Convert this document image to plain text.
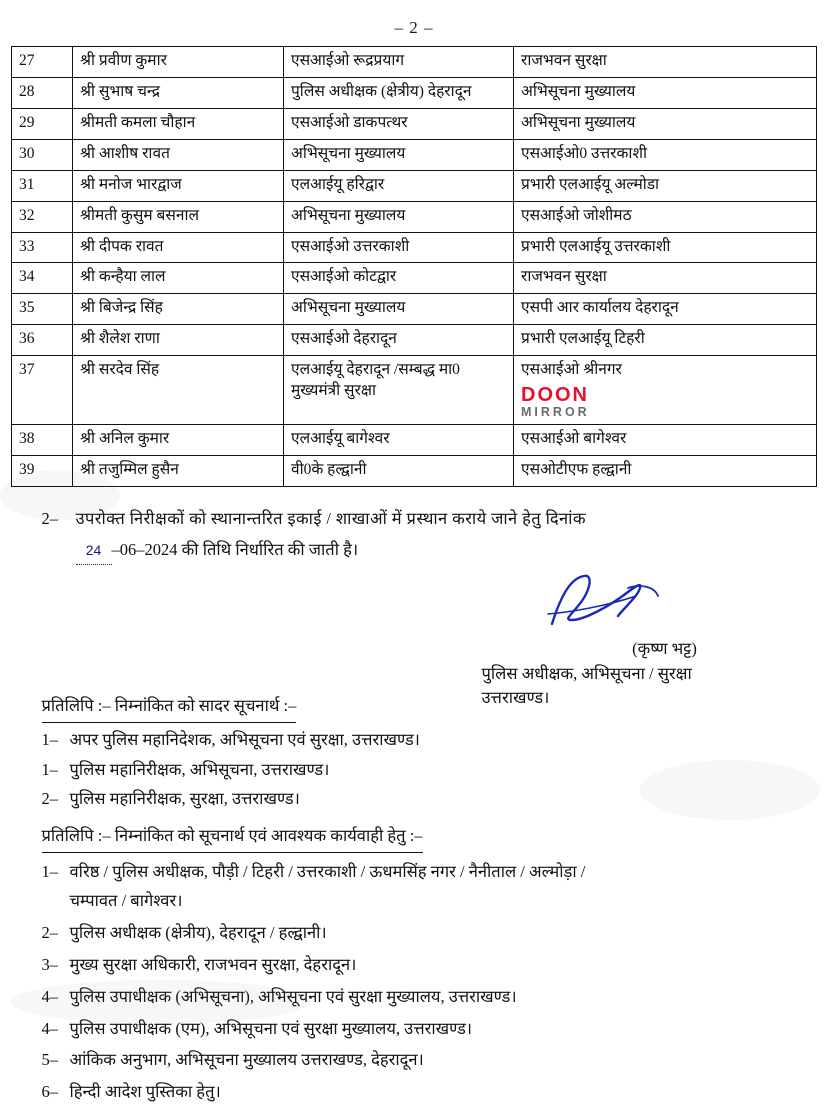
– 2 –
27	श्री प्रवीण कुमार	एसआईओ रूद्रप्रयाग	राजभवन सुरक्षा
28	श्री सुभाष चन्द्र	पुलिस अधीक्षक (क्षेत्रीय) देहरादून	अभिसूचना मुख्यालय
29	श्रीमती कमला चौहान	एसआईओ डाकपत्थर	अभिसूचना मुख्यालय
30	श्री आशीष रावत	अभिसूचना मुख्यालय	एसआईओ0 उत्तरकाशी
31	श्री मनोज भारद्वाज	एलआईयू हरिद्वार	प्रभारी एलआईयू अल्मोडा
32	श्रीमती कुसुम बसनाल	अभिसूचना मुख्यालय	एसआईओ जोशीमठ
33	श्री दीपक रावत	एसआईओ उत्तरकाशी	प्रभारी एलआईयू उत्तरकाशी
34	श्री कन्हैया लाल	एसआईओ कोटद्वार	राजभवन सुरक्षा
35	श्री बिजेन्द्र सिंह	अभिसूचना मुख्यालय	एसपी आर कार्यालय देहरादून
36	श्री शैलेश राणा	एसआईओ देहरादून	प्रभारी एलआईयू टिहरी
37	श्री सरदेव सिंह	एलआईयू देहरादून /सम्बद्ध मा0 मुख्यमंत्री सुरक्षा	एसआईओ श्रीनगर
DOON
MIRROR

38	श्री अनिल कुमार	एलआईयू बागेश्वर	एसआईओ बागेश्वर
39	श्री तजुम्मिल हुसैन	वी0के हल्द्वानी	एसओटीएफ हल्द्वानी
2– उपरोक्त निरीक्षकों को स्थानान्तरित इकाई / शाखाओं में प्रस्थान कराये जाने हेतु दिनांक
24 –06–2024 की तिथि निर्धारित की जाती है।
(कृष्ण भट्ट)
पुलिस अधीक्षक, अभिसूचना / सुरक्षा
उत्तराखण्ड।
प्रतिलिपि :– निम्नांकित को सादर सूचनार्थ :–
1– अपर पुलिस महानिदेशक, अभिसूचना एवं सुरक्षा, उत्तराखण्ड।
1– पुलिस महानिरीक्षक, अभिसूचना, उत्तराखण्ड।
2– पुलिस महानिरीक्षक, सुरक्षा, उत्तराखण्ड।
प्रतिलिपि :– निम्नांकित को सूचनार्थ एवं आवश्यक कार्यवाही हेतु :–
1– वरिष्ठ / पुलिस अधीक्षक, पौड़ी / टिहरी / उत्तरकाशी / ऊधमसिंह नगर / नैनीताल / अल्मोड़ा /
चम्पावत / बागेश्वर।
2– पुलिस अधीक्षक (क्षेत्रीय), देहरादून / हल्द्वानी।
3– मुख्य सुरक्षा अधिकारी, राजभवन सुरक्षा, देहरादून।
4– पुलिस उपाधीक्षक (अभिसूचना), अभिसूचना एवं सुरक्षा मुख्यालय, उत्तराखण्ड।
4– पुलिस उपाधीक्षक (एम), अभिसूचना एवं सुरक्षा मुख्यालय, उत्तराखण्ड।
5– आंकिक अनुभाग, अभिसूचना मुख्यालय उत्तराखण्ड, देहरादून।
6– हिन्दी आदेश पुस्तिका हेतु।
